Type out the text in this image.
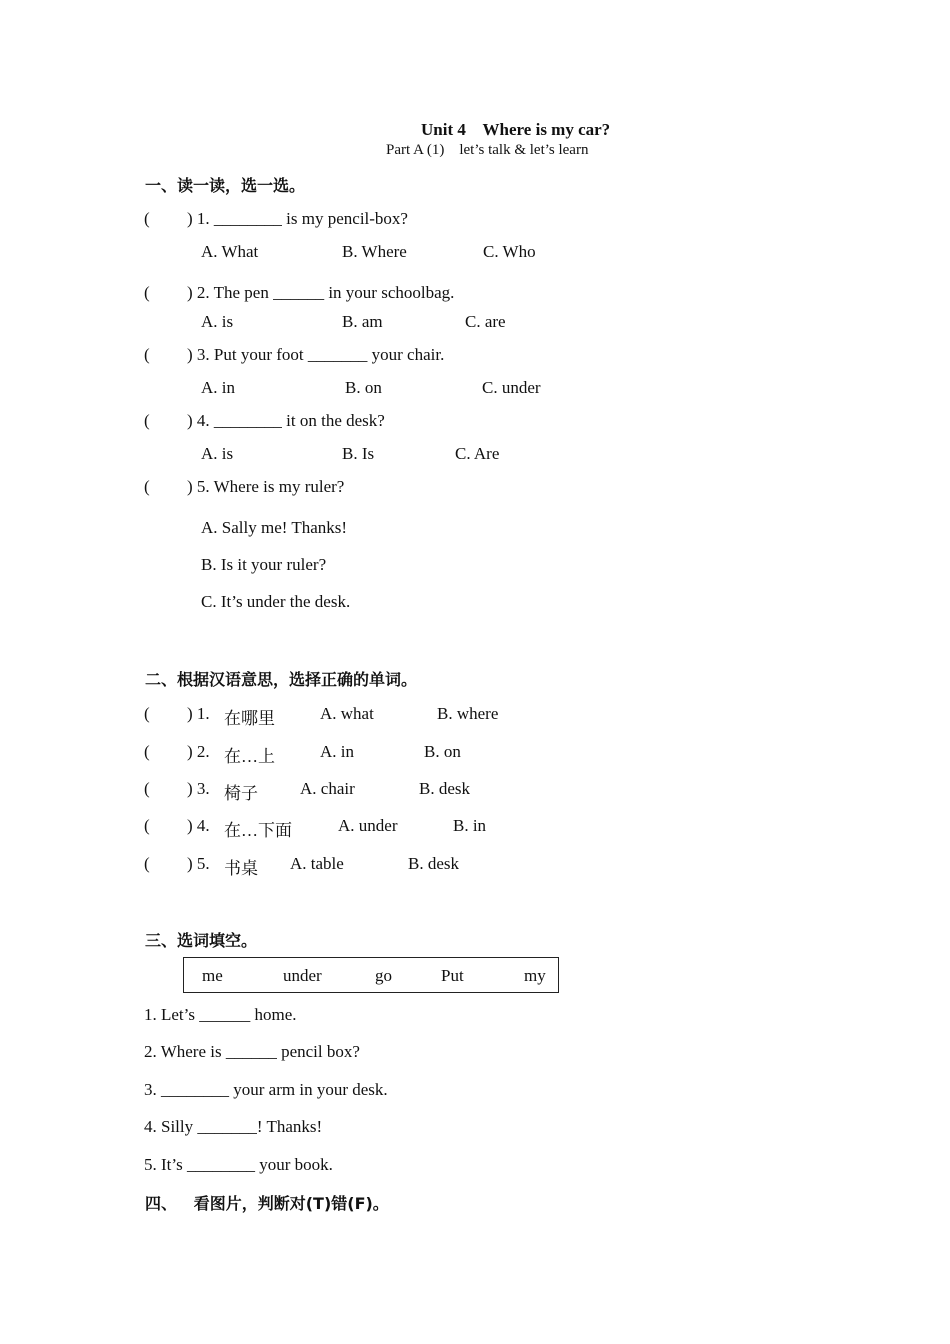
Unit 4    Where is my car?
Part A (1)    let’s talk & let’s learn
一、读一读，选一选。
( ) 1. ________ is my pencil-box?
A. What	B. Where	C. Who
( ) 2. The pen ______ in your schoolbag.
A. is	B. am	C. are
( ) 3. Put your foot _______ your chair.
A. in	B. on	C. under
( ) 4. ________ it on the desk?
A. is	B. Is	C. Are
( ) 5. Where is my ruler?
A. Sally me! Thanks!
B. Is it your ruler?
C. It’s under the desk.
二、根据汉语意思，选择正确的单词。
( ) 1. 在哪里	A. what	B. where
( ) 2. 在…上	A. in	B. on
( ) 3. 椅子 A. chair	B. desk
( ) 4. 在…下面	A. under	B. in
( ) 5. 书桌 A. table	B. desk
三、选词填空。
me	under	go	Put	my
1. Let’s ______ home.
2. Where is ______ pencil box?
3. ________ your arm in your desk.
4. Silly _______! Thanks!
5. It’s ________ your book.
四、   看图片，判断对(T)错(F)。
